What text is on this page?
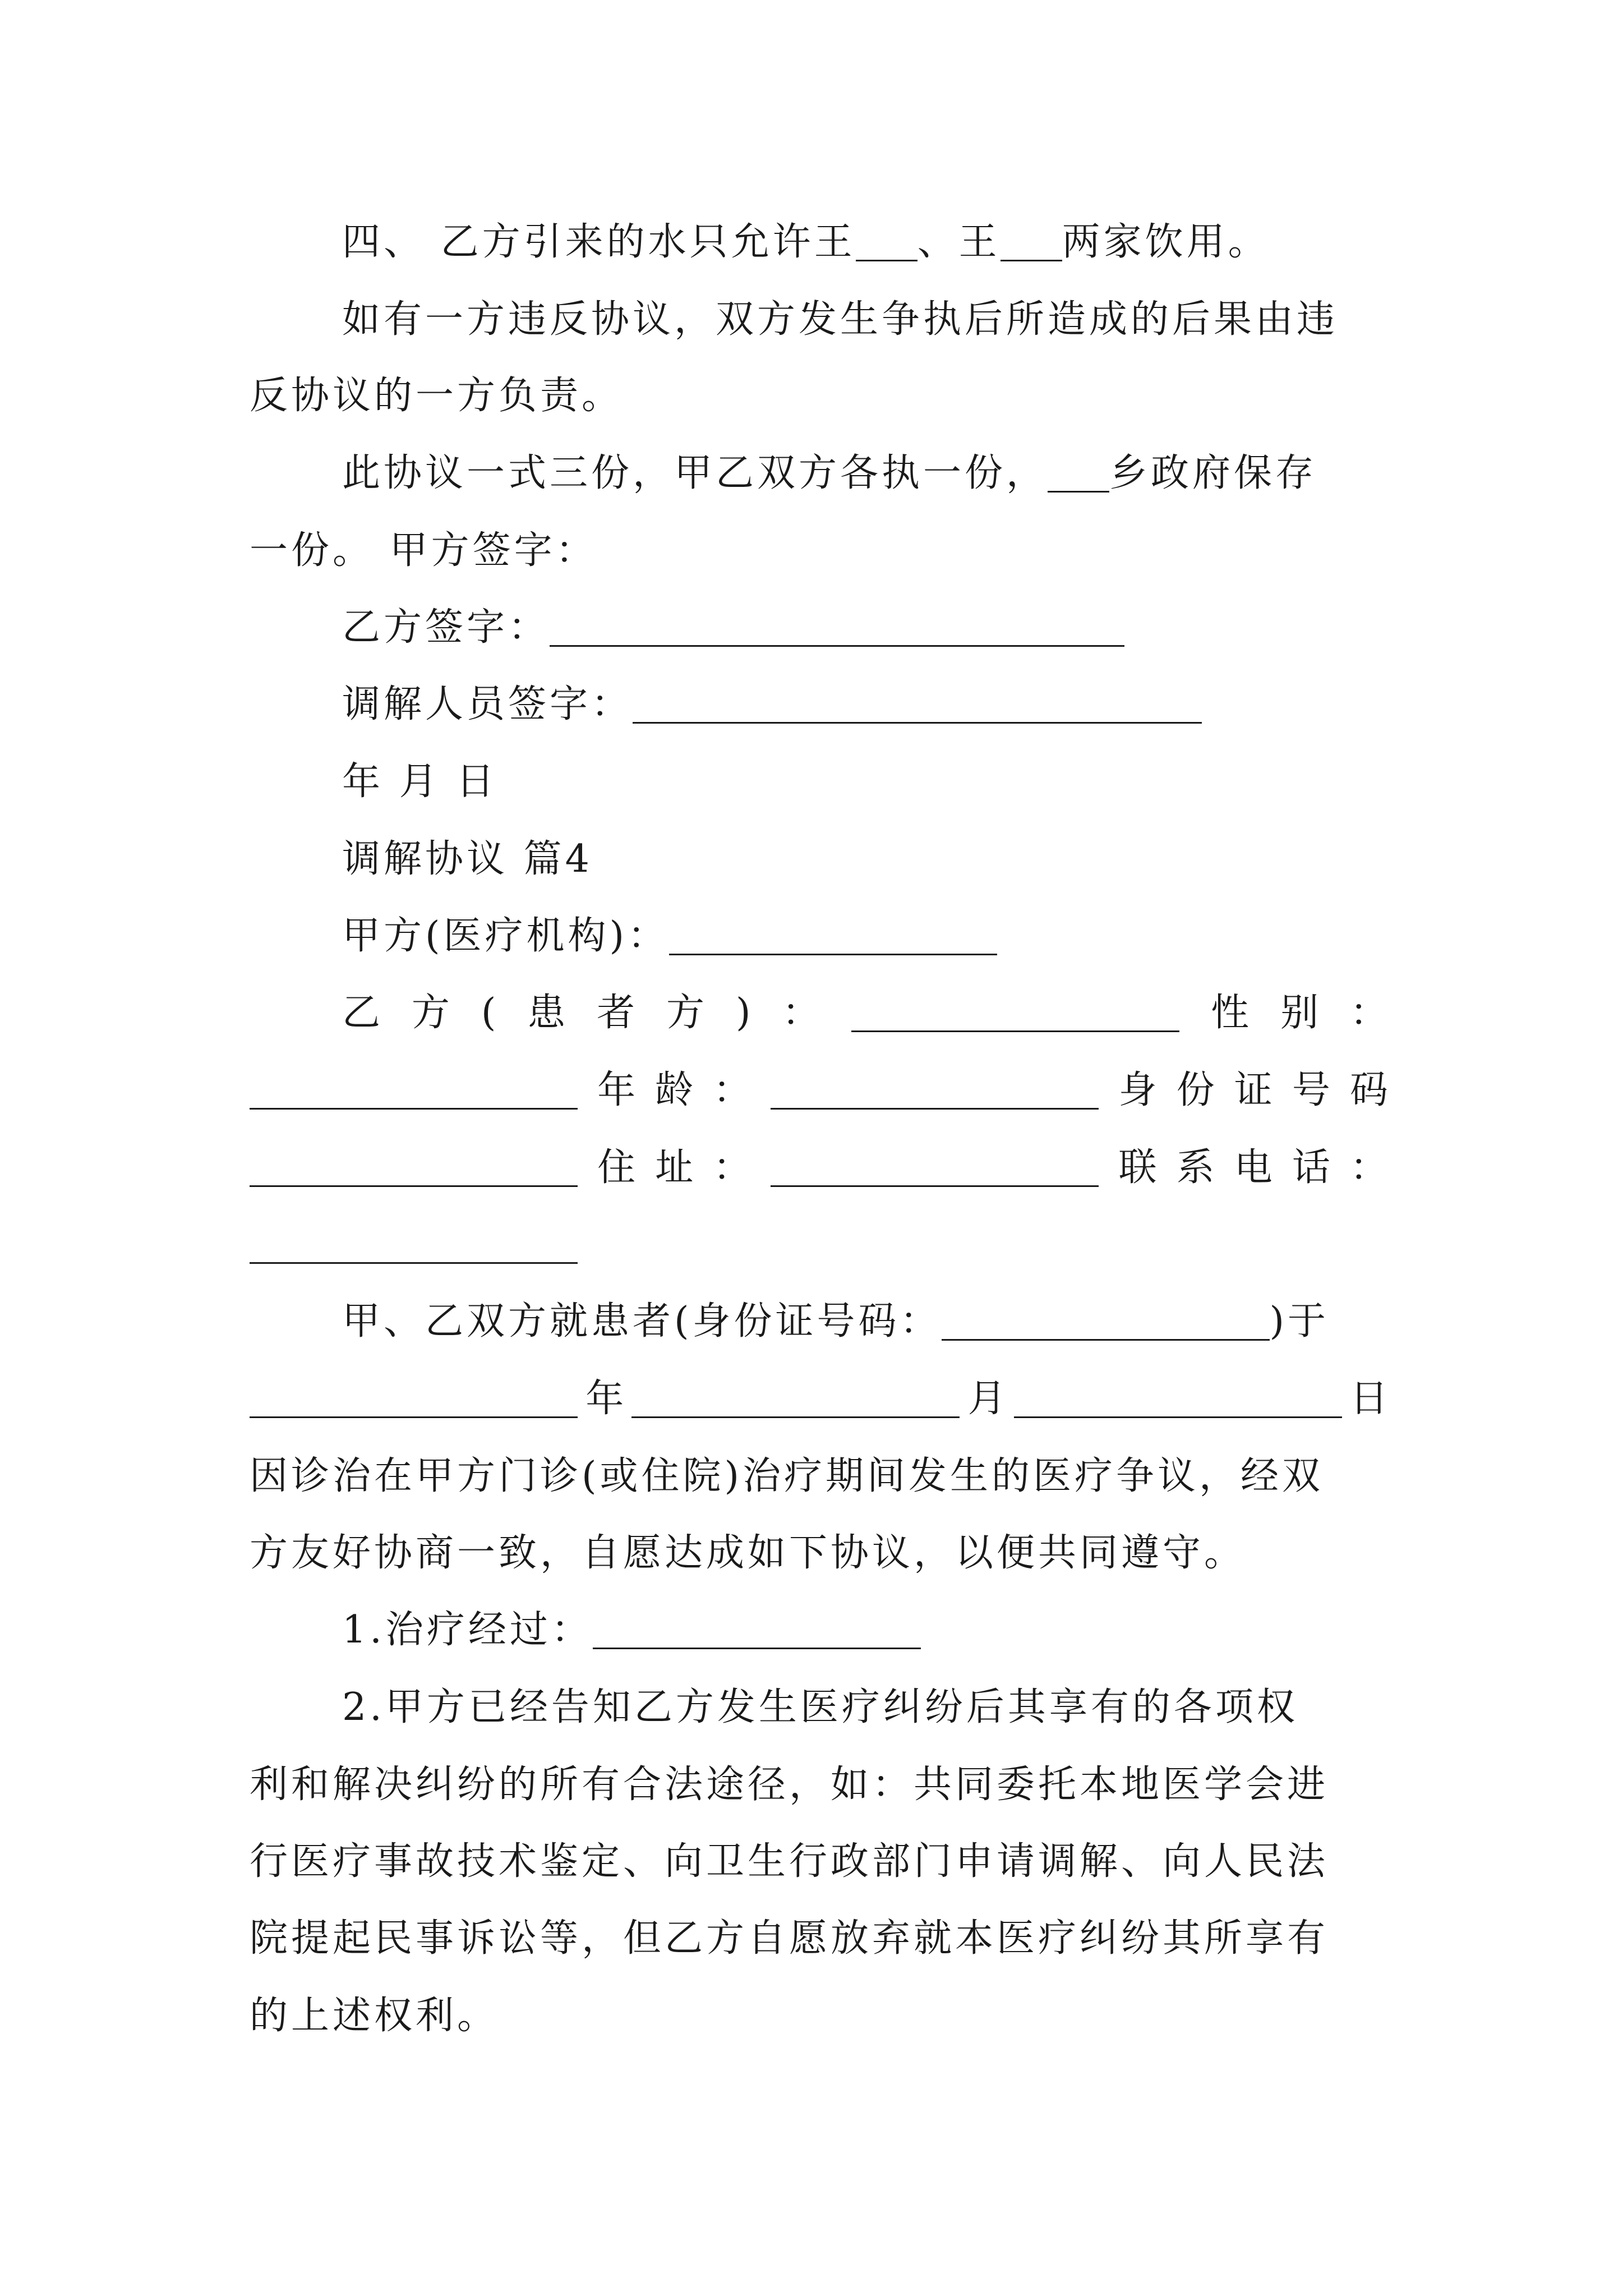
四、 乙方引来的水只允许王 、王 两家饮用。
如有一方违反协议，双方发生争执后所造成的后果由违
反协议的一方负责。
此协议一式三份，甲乙双方各执一份， 乡政府保存
一份。 甲方签字：
乙方签字：
调解人员签字：
年 月 日
调解协议 篇4
甲方(医疗机构)：
乙 方 ( 患 者 方 ) ：	性 别 ：
年 龄 ：	身 份 证 号 码
住 址 ：	联 系 电 话 ：
甲、乙双方就患者(身份证号码：	)于
年	月	日
因诊治在甲方门诊(或住院)治疗期间发生的医疗争议，经双
方友好协商一致，自愿达成如下协议，以便共同遵守。
1.治疗经过：
2.甲方已经告知乙方发生医疗纠纷后其享有的各项权
利和解决纠纷的所有合法途径，如：共同委托本地医学会进
行医疗事故技术鉴定、向卫生行政部门申请调解、向人民法
院提起民事诉讼等，但乙方自愿放弃就本医疗纠纷其所享有
的上述权利。
